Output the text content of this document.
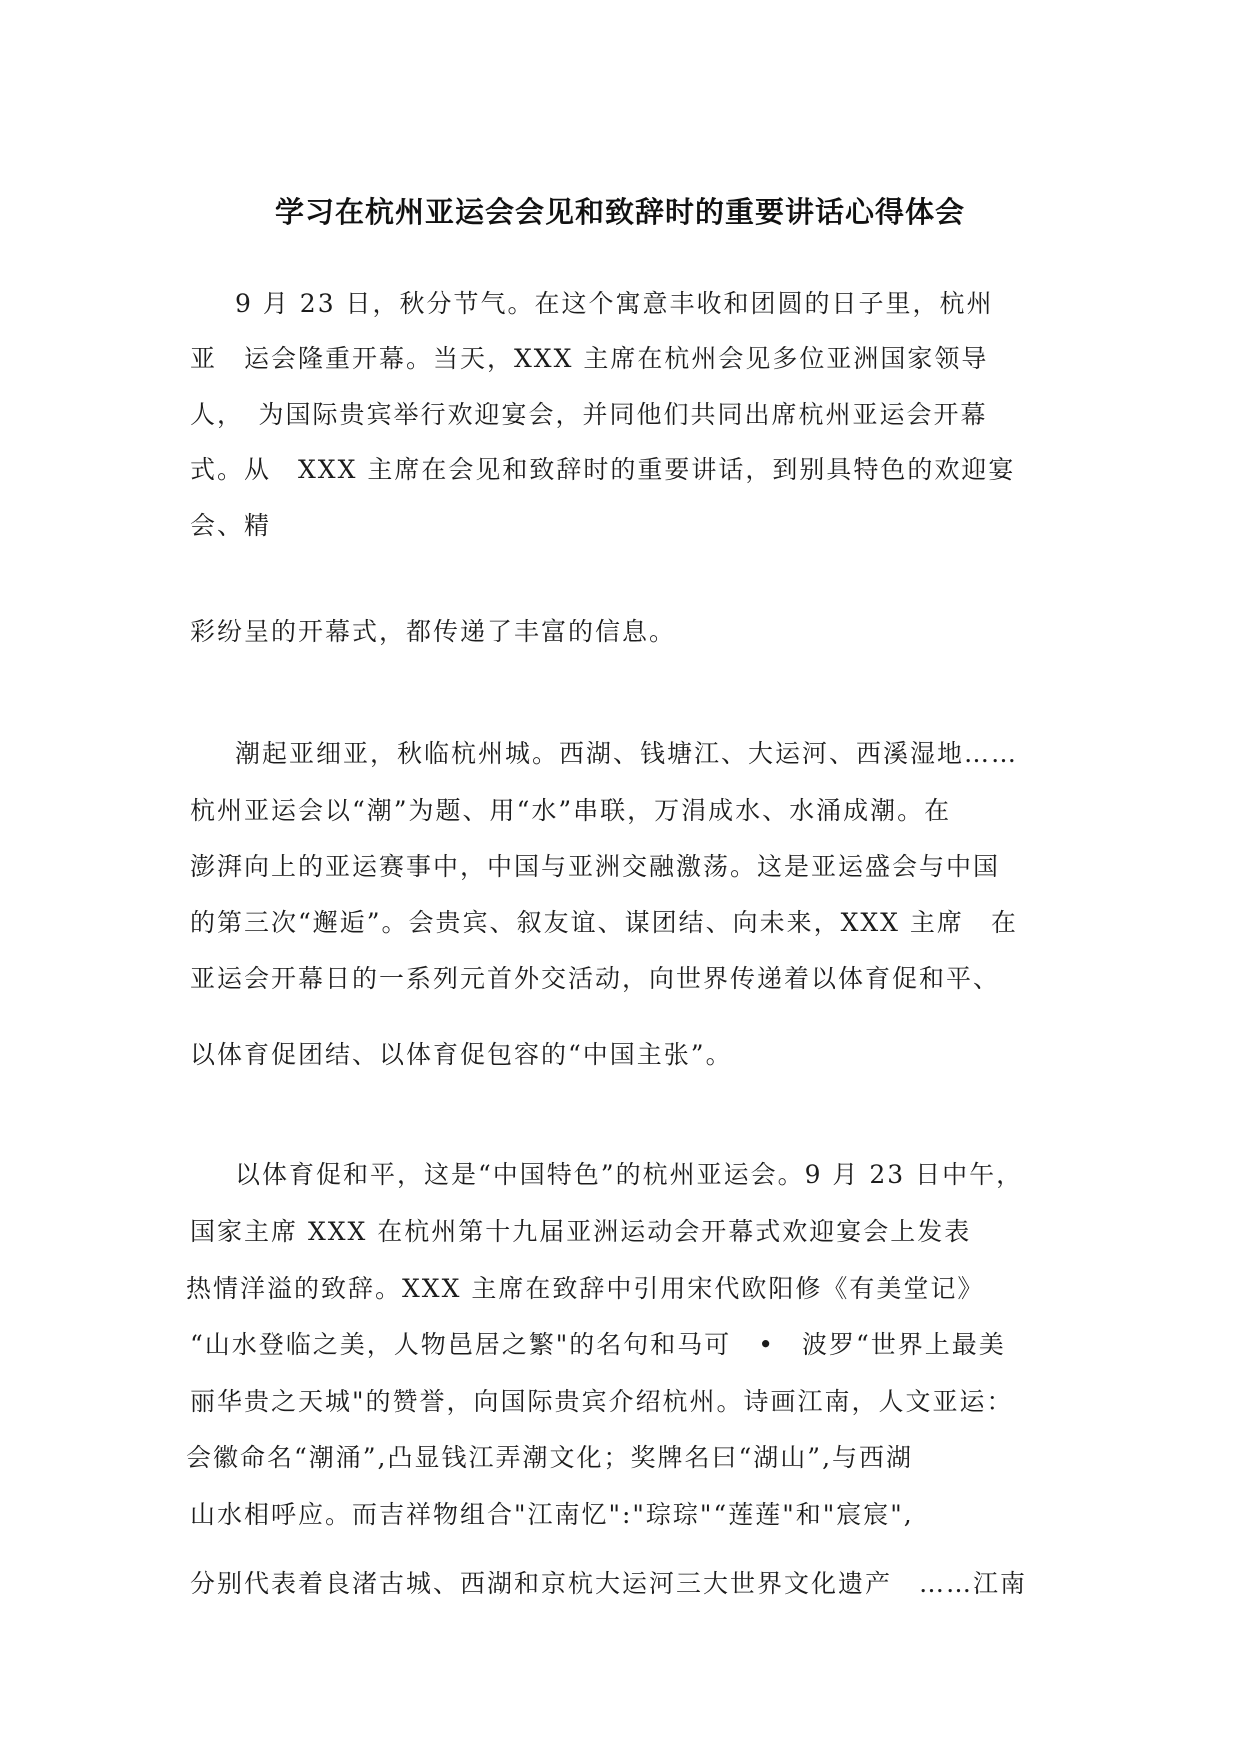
学习在杭州亚运会会见和致辞时的重要讲话心得体会
9 月 23 日，秋分节气。在这个寓意丰收和团圆的日子里，杭州
亚　运会隆重开幕。当天，XXX 主席在杭州会见多位亚洲国家领导
人，　为国际贵宾举行欢迎宴会，并同他们共同出席杭州亚运会开幕
式。从　XXX 主席在会见和致辞时的重要讲话，到别具特色的欢迎宴
会、精
彩纷呈的开幕式，都传递了丰富的信息。
潮起亚细亚，秋临杭州城。西湖、钱塘江、大运河、西溪湿地……
杭州亚运会以“潮”为题、用“水”串联，万涓成水、水涌成潮。在
澎湃向上的亚运赛事中，中国与亚洲交融激荡。这是亚运盛会与中国
的第三次“邂逅”。会贵宾、叙友谊、谋团结、向未来，XXX 主席　在
亚运会开幕日的一系列元首外交活动，向世界传递着以体育促和平、
以体育促团结、以体育促包容的“中国主张”。
以体育促和平，这是“中国特色”的杭州亚运会。9 月 23 日中午，
国家主席 XXX 在杭州第十九届亚洲运动会开幕式欢迎宴会上发表
热情洋溢的致辞。XXX 主席在致辞中引用宋代欧阳修《有美堂记》
“山水登临之美，人物邑居之繁"的名句和马可　•　波罗“世界上最美
丽华贵之天城"的赞誉，向国际贵宾介绍杭州。诗画江南，人文亚运：
会徽命名“潮涌”,凸显钱江弄潮文化；奖牌名曰“湖山”,与西湖
山水相呼应。而吉祥物组合"江南忆":"琮琮"“莲莲"和"宸宸",
分别代表着良渚古城、西湖和京杭大运河三大世界文化遗产　……江南
